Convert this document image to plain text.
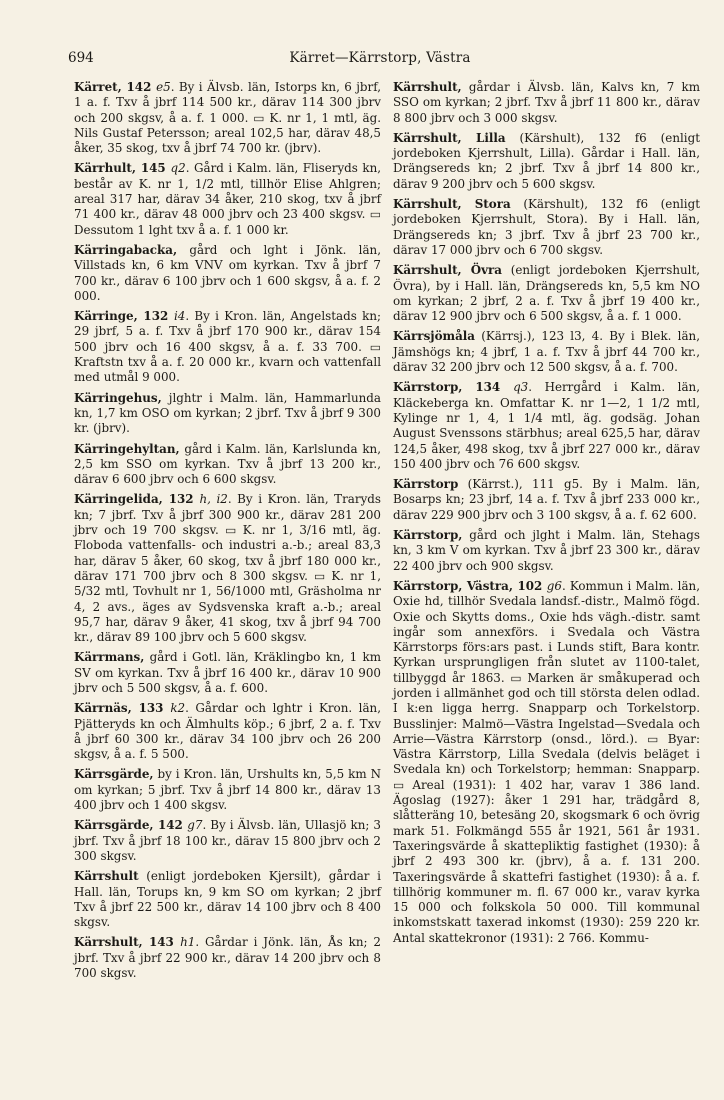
694	Kärret—Kärrstorp, Västra

Kärret, 142 e5. By i Älvsb. län, Istorps kn, 6 jbrf, 1 a. f. Txv å jbrf 114 500 kr., därav 114 300 jbrv och 200 skgsv, å a. f. 1 000. ▭ K. nr 1, 1 mtl, äg. Nils Gustaf Petersson; areal 102,5 har, därav 48,5 åker, 35 skog, txv å jbrf 74 700 kr. (jbrv).

Kärrhult, 145 q2. Gård i Kalm. län, Fliseryds kn, består av K. nr 1, 1/2 mtl, tillhör Elise Ahlgren; areal 317 har, därav 34 åker, 210 skog, txv å jbrf 71 400 kr., därav 48 000 jbrv och 23 400 skgsv. ▭ Dessutom 1 lght txv å a. f. 1 000 kr.

Kärringabacka, gård och lght i Jönk. län, Villstads kn, 6 km VNV om kyrkan. Txv å jbrf 7 700 kr., därav 6 100 jbrv och 1 600 skgsv, å a. f. 2 000.

Kärringe, 132 i4. By i Kron. län, Angelstads kn; 29 jbrf, 5 a. f. Txv å jbrf 170 900 kr., därav 154 500 jbrv och 16 400 skgsv, å a. f. 33 700. ▭ Kraftstn txv å a. f. 20 000 kr., kvarn och vattenfall med utmål 9 000.

Kärringehus, jlghtr i Malm. län, Hammarlunda kn, 1,7 km OSO om kyrkan; 2 jbrf. Txv å jbrf 9 300 kr. (jbrv).

Kärringehyltan, gård i Kalm. län, Karlslunda kn, 2,5 km SSO om kyrkan. Txv å jbrf 13 200 kr., därav 6 600 jbrv och 6 600 skgsv.

Kärringelida, 132 h, i2. By i Kron. län, Traryds kn; 7 jbrf. Txv å jbrf 300 900 kr., därav 281 200 jbrv och 19 700 skgsv. ▭ K. nr 1, 3/16 mtl, äg. Floboda vattenfalls- och industri a.-b.; areal 83,3 har, därav 5 åker, 60 skog, txv å jbrf 180 000 kr., därav 171 700 jbrv och 8 300 skgsv. ▭ K. nr 1, 5/32 mtl, Tovhult nr 1, 56/1000 mtl, Gräsholma nr 4, 2 avs., äges av Sydsvenska kraft a.-b.; areal 95,7 har, därav 9 åker, 41 skog, txv å jbrf 94 700 kr., därav 89 100 jbrv och 5 600 skgsv.

Kärrmans, gård i Gotl. län, Kräklingbo kn, 1 km SV om kyrkan. Txv å jbrf 16 400 kr., därav 10 900 jbrv och 5 500 skgsv, å a. f. 600.

Kärrnäs, 133 k2. Gårdar och lghtr i Kron. län, Pjätteryds kn och Älmhults köp.; 6 jbrf, 2 a. f. Txv å jbrf 60 300 kr., därav 34 100 jbrv och 26 200 skgsv, å a. f. 5 500.

Kärrsgärde, by i Kron. län, Urshults kn, 5,5 km N om kyrkan; 5 jbrf. Txv å jbrf 14 800 kr., därav 13 400 jbrv och 1 400 skgsv.

Kärrsgärde, 142 g7. By i Älvsb. län, Ullasjö kn; 3 jbrf. Txv å jbrf 18 100 kr., därav 15 800 jbrv och 2 300 skgsv.

Kärrshult (enligt jordeboken Kjersilt), gårdar i Hall. län, Torups kn, 9 km SO om kyrkan; 2 jbrf Txv å jbrf 22 500 kr., därav 14 100 jbrv och 8 400 skgsv.

Kärrshult, 143 h1. Gårdar i Jönk. län, Ås kn; 2 jbrf. Txv å jbrf 22 900 kr., därav 14 200 jbrv och 8 700 skgsv.

Kärrshult, gårdar i Älvsb. län, Kalvs kn, 7 km SSO om kyrkan; 2 jbrf. Txv å jbrf 11 800 kr., därav 8 800 jbrv och 3 000 skgsv.

Kärrshult, Lilla (Kärshult), 132 f6 (enligt jordeboken Kjerrshult, Lilla). Gårdar i Hall. län, Drängsereds kn; 2 jbrf. Txv å jbrf 14 800 kr., därav 9 200 jbrv och 5 600 skgsv.

Kärrshult, Stora (Kärshult), 132 f6 (enligt jordeboken Kjerrshult, Stora). By i Hall. län, Drängsereds kn; 3 jbrf. Txv å jbrf 23 700 kr., därav 17 000 jbrv och 6 700 skgsv.

Kärrshult, Övra (enligt jordeboken Kjerrshult, Övra), by i Hall. län, Drängsereds kn, 5,5 km NO om kyrkan; 2 jbrf, 2 a. f. Txv å jbrf 19 400 kr., därav 12 900 jbrv och 6 500 skgsv, å a. f. 1 000.

Kärrsjömåla (Kärrsj.), 123 l3, 4. By i Blek. län, Jämshögs kn; 4 jbrf, 1 a. f. Txv å jbrf 44 700 kr., därav 32 200 jbrv och 12 500 skgsv, å a. f. 700.

Kärrstorp, 134 q3. Herrgård i Kalm. län, Kläckeberga kn. Omfattar K. nr 1—2, 1 1/2 mtl, Kylinge nr 1, 4, 1 1/4 mtl, äg. godsäg. Johan August Svenssons stärbhus; areal 625,5 har, därav 124,5 åker, 498 skog, txv å jbrf 227 000 kr., därav 150 400 jbrv och 76 600 skgsv.

Kärrstorp (Kärrst.), 111 g5. By i Malm. län, Bosarps kn; 23 jbrf, 14 a. f. Txv å jbrf 233 000 kr., därav 229 900 jbrv och 3 100 skgsv, å a. f. 62 600.

Kärrstorp, gård och jlght i Malm. län, Stehags kn, 3 km V om kyrkan. Txv å jbrf 23 300 kr., därav 22 400 jbrv och 900 skgsv.

Kärrstorp, Västra, 102 g6. Kommun i Malm. län, Oxie hd, tillhör Svedala landsf.-distr., Malmö fögd. Oxie och Skytts doms., Oxie hds vägh.-distr. samt ingår som annexförs. i Svedala och Västra Kärrstorps förs:ars past. i Lunds stift, Bara kontr. Kyrkan ursprungligen från slutet av 1100-talet, tillbyggd år 1863. ▭ Marken är småkuperad och jorden i allmänhet god och till största delen odlad. I k:en ligga herrg. Snapparp och Torkelstorp. Busslinjer: Malmö—Västra Ingelstad—Svedala och Arrie—Västra Kärrstorp (onsd., lörd.). ▭ Byar: Västra Kärrstorp, Lilla Svedala (delvis beläget i Svedala kn) och Torkelstorp; hemman: Snapparp. ▭ Areal (1931): 1 402 har, varav 1 386 land. Ägoslag (1927): åker 1 291 har, trädgård 8, slåtteräng 10, betesäng 20, skogsmark 6 och övrig mark 51. Folkmängd 555 år 1921, 561 år 1931. Taxeringsvärde å skattepliktig fastighet (1930): å jbrf 2 493 300 kr. (jbrv), å a. f. 131 200. Taxeringsvärde å skattefri fastighet (1930): å a. f. tillhörig kommuner m. fl. 67 000 kr., varav kyrka 15 000 och folkskola 50 000. Till kommunal inkomstskatt taxerad inkomst (1930): 259 220 kr. Antal skattekronor (1931): 2 766. Kommu-
